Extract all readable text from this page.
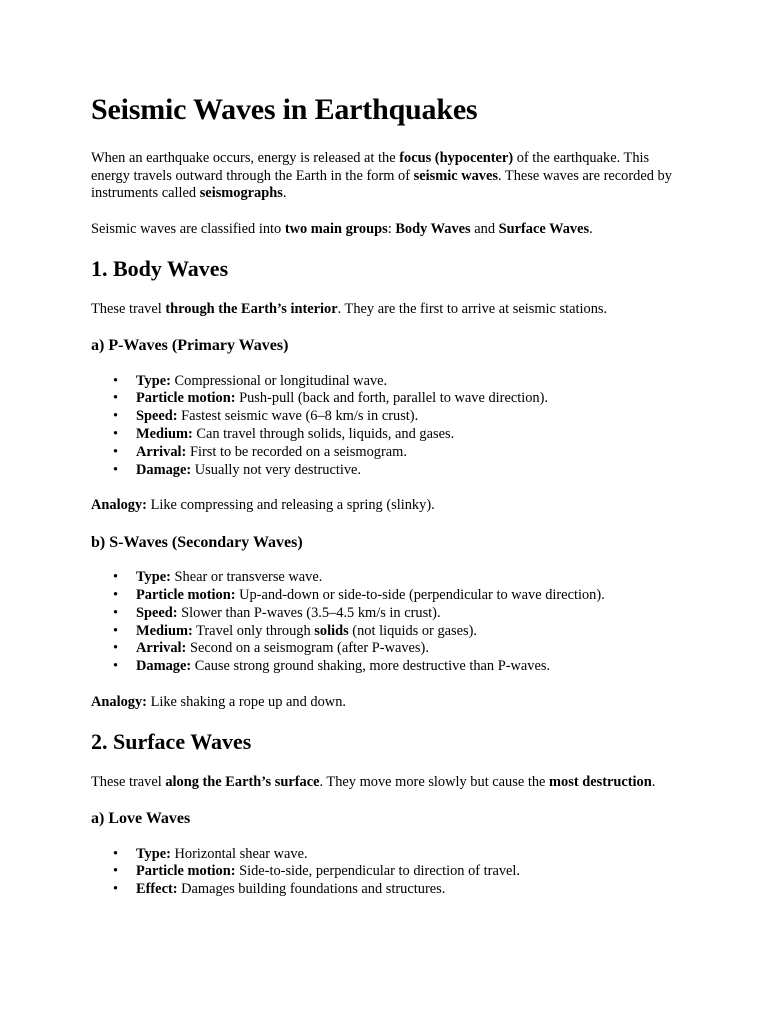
Seismic Waves in Earthquakes

When an earthquake occurs, energy is released at the focus (hypocenter) of the earthquake. This energy travels outward through the Earth in the form of seismic waves. These waves are recorded by instruments called seismographs.

Seismic waves are classified into two main groups: Body Waves and Surface Waves.

1. Body Waves

These travel through the Earth’s interior. They are the first to arrive at seismic stations.

a) P-Waves (Primary Waves)
• Type: Compressional or longitudinal wave.
• Particle motion: Push-pull (back and forth, parallel to wave direction).
• Speed: Fastest seismic wave (6–8 km/s in crust).
• Medium: Can travel through solids, liquids, and gases.
• Arrival: First to be recorded on a seismogram.
• Damage: Usually not very destructive.

Analogy: Like compressing and releasing a spring (slinky).

b) S-Waves (Secondary Waves)
• Type: Shear or transverse wave.
• Particle motion: Up-and-down or side-to-side (perpendicular to wave direction).
• Speed: Slower than P-waves (3.5–4.5 km/s in crust).
• Medium: Travel only through solids (not liquids or gases).
• Arrival: Second on a seismogram (after P-waves).
• Damage: Cause strong ground shaking, more destructive than P-waves.

Analogy: Like shaking a rope up and down.

2. Surface Waves

These travel along the Earth’s surface. They move more slowly but cause the most destruction.

a) Love Waves
• Type: Horizontal shear wave.
• Particle motion: Side-to-side, perpendicular to direction of travel.
• Effect: Damages building foundations and structures.
